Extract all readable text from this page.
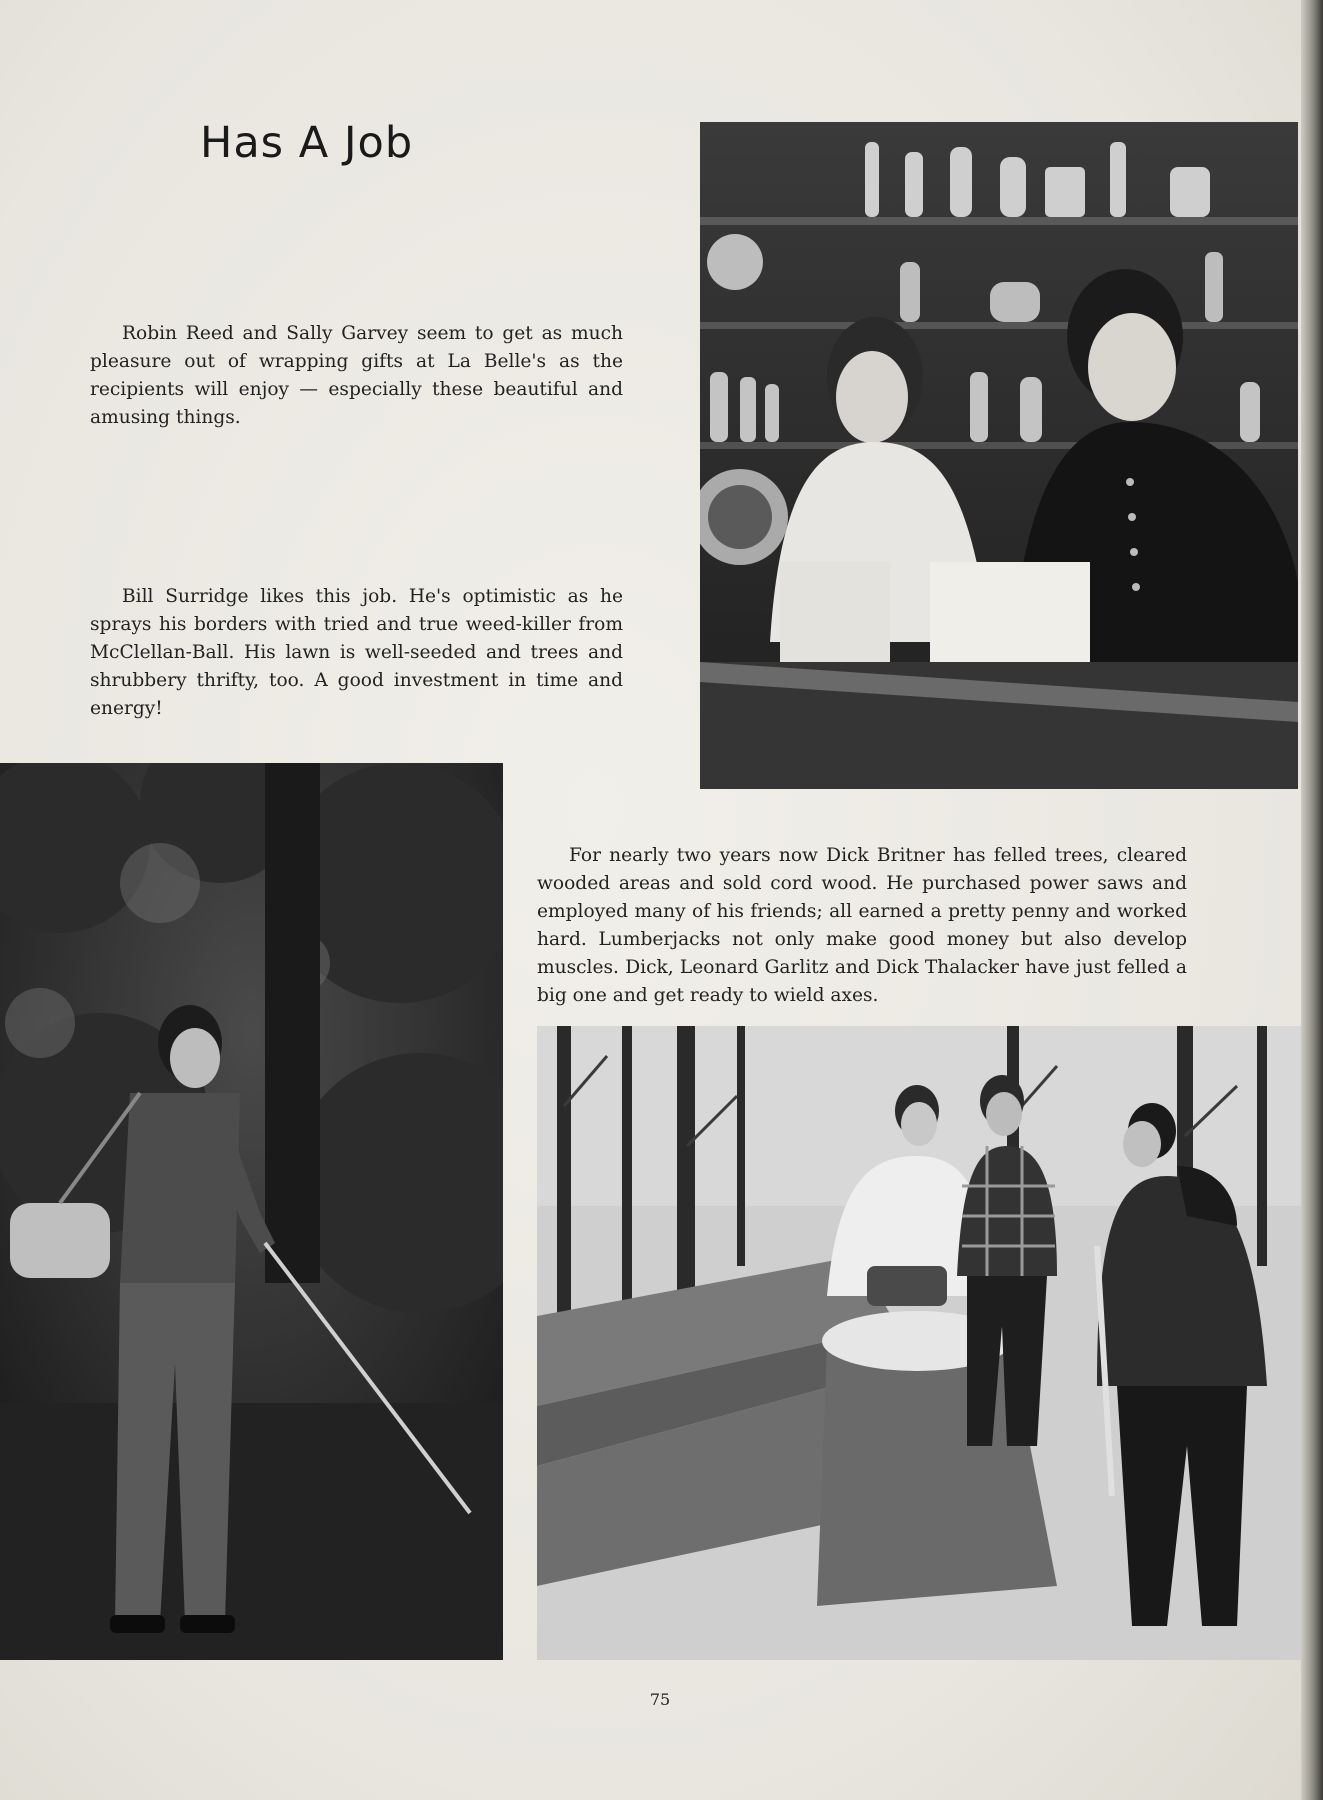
Has A Job

Robin Reed and Sally Garvey seem to get as much pleasure out of wrapping gifts at La Belle's as the recipients will enjoy — especially these beautiful and amusing things.

Bill Surridge likes this job. He's optimistic as he sprays his borders with tried and true weed-killer from McClellan-Ball. His lawn is well-seeded and trees and shrubbery thrifty, too. A good investment in time and energy!

For nearly two years now Dick Britner has felled trees, cleared wooded areas and sold cord wood. He purchased power saws and employed many of his friends; all earned a pretty penny and worked hard. Lumberjacks not only make good money but also develop muscles. Dick, Leonard Garlitz and Dick Thalacker have just felled a big one and get ready to wield axes.

75
